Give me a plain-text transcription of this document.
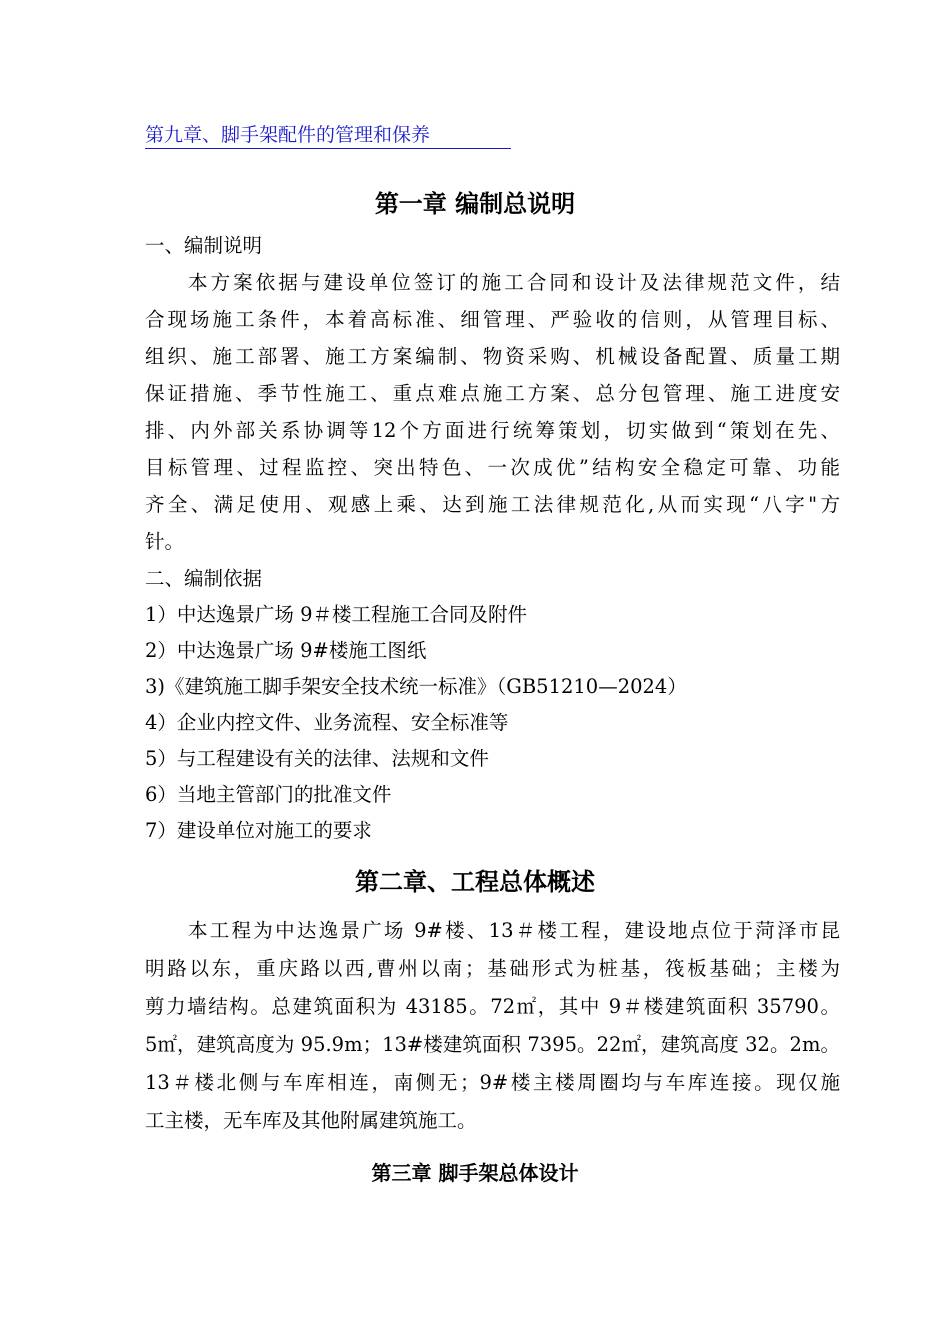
第九章、脚手架配件的管理和保养
第一章 编制总说明
一、编制说明
本方案依据与建设单位签订的施工合同和设计及法律规范文件，结
合现场施工条件，本着高标准、细管理、严验收的信则，从管理目标、
组织、施工部署、施工方案编制、物资采购、机械设备配置、质量工期
保证措施、季节性施工、重点难点施工方案、总分包管理、施工进度安
排、内外部关系协调等12个方面进行统筹策划，切实做到“策划在先、
目标管理、过程监控、突出特色、一次成优”结构安全稳定可靠、功能
齐全、满足使用、观感上乘、达到施工法律规范化,从而实现“八字"方
针。
二、编制依据
1）中达逸景广场 9＃楼工程施工合同及附件
2）中达逸景广场 9#楼施工图纸
3)《建筑施工脚手架安全技术统一标准》（GB51210—2024）
4）企业内控文件、业务流程、安全标准等
5）与工程建设有关的法律、法规和文件
6）当地主管部门的批准文件
7）建设单位对施工的要求
第二章、工程总体概述
本工程为中达逸景广场 9#楼、13＃楼工程，建设地点位于菏泽市昆
明路以东，重庆路以西,曹州以南；基础形式为桩基，筏板基础；主楼为
剪力墙结构。总建筑面积为 43185。72㎡，其中 9＃楼建筑面积 35790。
5㎡，建筑高度为 95.9m；13#楼建筑面积 7395。22㎡，建筑高度 32。2m。
13＃楼北侧与车库相连，南侧无；9#楼主楼周圈均与车库连接。现仅施
工主楼，无车库及其他附属建筑施工。
第三章 脚手架总体设计
